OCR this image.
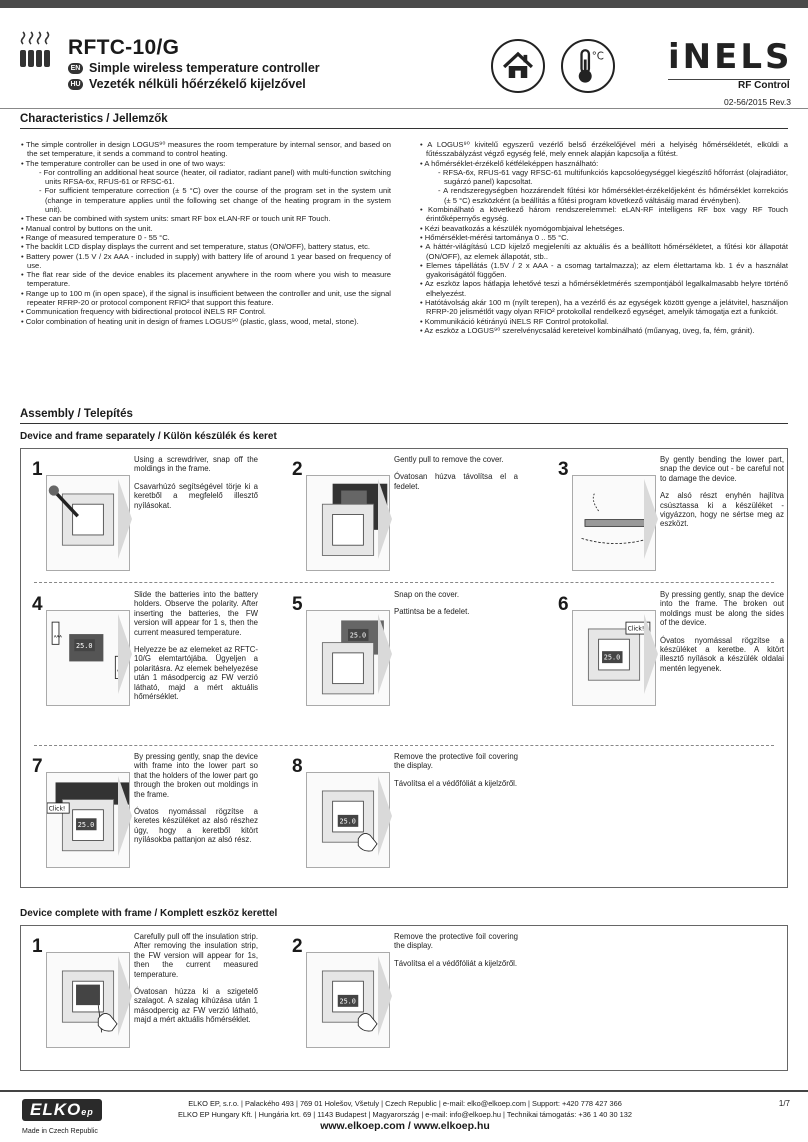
RFTC-10/G
EN Simple wireless temperature controller
HU Vezeték nélküli hőérzékelő kijelzővel
°C iNELS
RF Control
02-56/2015 Rev.3
Characteristics / Jellemzők
• The simple controller in design LOGUS⁹⁰ measures the room temperature by internal sensor, and based on the set temperature, it sends a command to control heating.
• The temperature controller can be used in one of two ways:
- For controlling an additional heat source (heater, oil radiator, radiant panel) with multi-function switching units RFSA-6x, RFUS-61 or RFSC-61.
- For sufficient temperature correction (± 5 °C) over the course of the program set in the system unit (change in temperature applies until the following set change of the heating program in the system unit).
• These can be combined with system units: smart RF box eLAN-RF or touch unit RF Touch.
• Manual control by buttons on the unit.
• Range of measured temperature 0 - 55 °C.
• The backlit LCD display displays the current and set temperature, status (ON/OFF), battery status, etc.
• Battery power (1.5 V / 2x AAA - included in supply) with battery life of around 1 year based on frequency of use.
• The flat rear side of the device enables its placement anywhere in the room where you wish to measure temperature.
• Range up to 100 m (in open space), if the signal is insufficient between the controller and unit, use the signal repeater RFRP-20 or protocol component RFIO² that support this feature.
• Communication frequency with bidirectional protocol iNELS RF Control.
• Color combination of heating unit in design of frames LOGUS⁹⁰ (plastic, glass, wood, metal, stone).
• A LOGUS⁹⁰ kivitelű egyszerű vezérlő belső érzékelőjével méri a helyiség hőmérsékletét, elküldi a fűtésszabályzást végző egység felé, mely ennek alapján kapcsolja a fűtést.
• A hőmérséklet-érzékelő kétféleképpen használható:
- RFSA-6x, RFUS-61 vagy RFSC-61 multifunkciós kapcsolóegységgel kiegészítő hőforrást (olajradiátor, sugárzó panel) kapcsoltat.
- A rendszeregységben hozzárendelt fűtési kör hőmérséklet-érzékelőjeként és hőmérséklet korrekciós (± 5 °C) eszközként (a beállítás a fűtési program következő váltásáig marad érvényben).
• Kombinálható a következő három rendszerelemmel: eLAN-RF intelligens RF box vagy RF Touch érintőképernyős egység.
• Kézi beavatkozás a készülék nyomógombjaival lehetséges.
• Hőmérséklet-mérési tartománya 0 .. 55 °C.
• A háttér-világítású LCD kijelző megjeleníti az aktuális és a beállított hőmérsékletet, a fűtési kör állapotát (ON/OFF), az elemek állapotát, stb..
• Elemes tápellátás (1.5V / 2 x AAA - a csomag tartalmazza); az elem élettartama kb. 1 év a használat gyakoriságától függően.
• Az eszköz lapos hátlapja lehetővé teszi a hőmérsékletmérés szempontjából legalkalmasabb helyre történő elhelyezést.
• Hatótávolság akár 100 m (nyílt terepen), ha a vezérlő és az egységek között gyenge a jelátvitel, használjon RFRP-20 jelismétlőt vagy olyan RFIO² protokollal rendelkező egységet, amelyik támogatja ezt a funkciót.
• Kommunikáció kétirányú iNELS RF Control protokollal.
• Az eszköz a LOGUS⁹⁰ szerelvénycsalád kereteivel kombinálható (műanyag, üveg, fa, fém, gránit).
Assembly / Telepítés
Device and frame separately / Külön készülék és keret
Device complete with frame / Komplett eszköz kerettel
1	Using a screwdriver, snap off the moldings in the frame.

Csavarhúzó segítségével törje ki a keretből a megfelelő illesztő nyílásokat.

2	Gently pull to remove the cover.

Óvatosan húzva távolítsa el a fedelet.

3	By gently bending the lower part, snap the device out - be careful not to damage the device.

Az alsó részt enyhén hajlítva csúsztassa ki a készüléket - vigyázzon, hogy ne sértse meg az eszközt.

AAA
25.0
AAA
4	Slide the batteries into the battery holders. Observe the polarity. After inserting the batteries, the FW version will appear for 1 s, then the current measured temperature.

Helyezze be az elemeket az RFTC-10/G elemtartójába. Ügyeljen a polaritásra. Az elemek behelyezése után 1 másodpercig az FW verzió látható, majd a mért aktuális hőmérséklet.

25.0
5	Snap on the cover.

Pattintsa be a fedelet.

25.0
Click!
6	By pressing gently, snap the device into the frame. The broken out moldings must be along the sides of the device.

Óvatos nyomással rögzítse a készüléket a keretbe. A kitört illesztő nyílások a készülék oldalai mentén legyenek.

25.0
Click!
7	By pressing gently, snap the device with frame into the lower part so that the holders of the lower part go through the broken out moldings in the frame.

Óvatos nyomással rögzítse a keretes készüléket az alsó részhez úgy, hogy a keretből kitört nyílásokba pattanjon az alsó rész.

25.0
8	Remove the protective foil covering the display.

Távolítsa el a védőfóliát a kijelzőről.

1	Carefully pull off the insulation strip. After removing the insulation strip, the FW version will appear for 1s, then the current measured temperature.

Óvatosan húzza ki a szigetelő szalagot. A szalag kihúzása után 1 másodpercig az FW verzió látható, majd a mért aktuális hőmérséklet.

25.0
2	Remove the protective foil covering the display.

Távolítsa el a védőfóliát a kijelzőről.

ELKOep
Made in Czech Republic
ELKO EP, s.r.o. | Palackého 493 | 769 01 Holešov, Všetuly | Czech Republic | e-mail: elko@elkoep.com | Support: +420 778 427 366
ELKO EP Hungary Kft. | Hungária krt. 69 | 1143 Budapest | Magyarország | e-mail: info@elkoep.hu | Technikai támogatás: +36 1 40 30 132
www.elkoep.com / www.elkoep.hu
1/7
